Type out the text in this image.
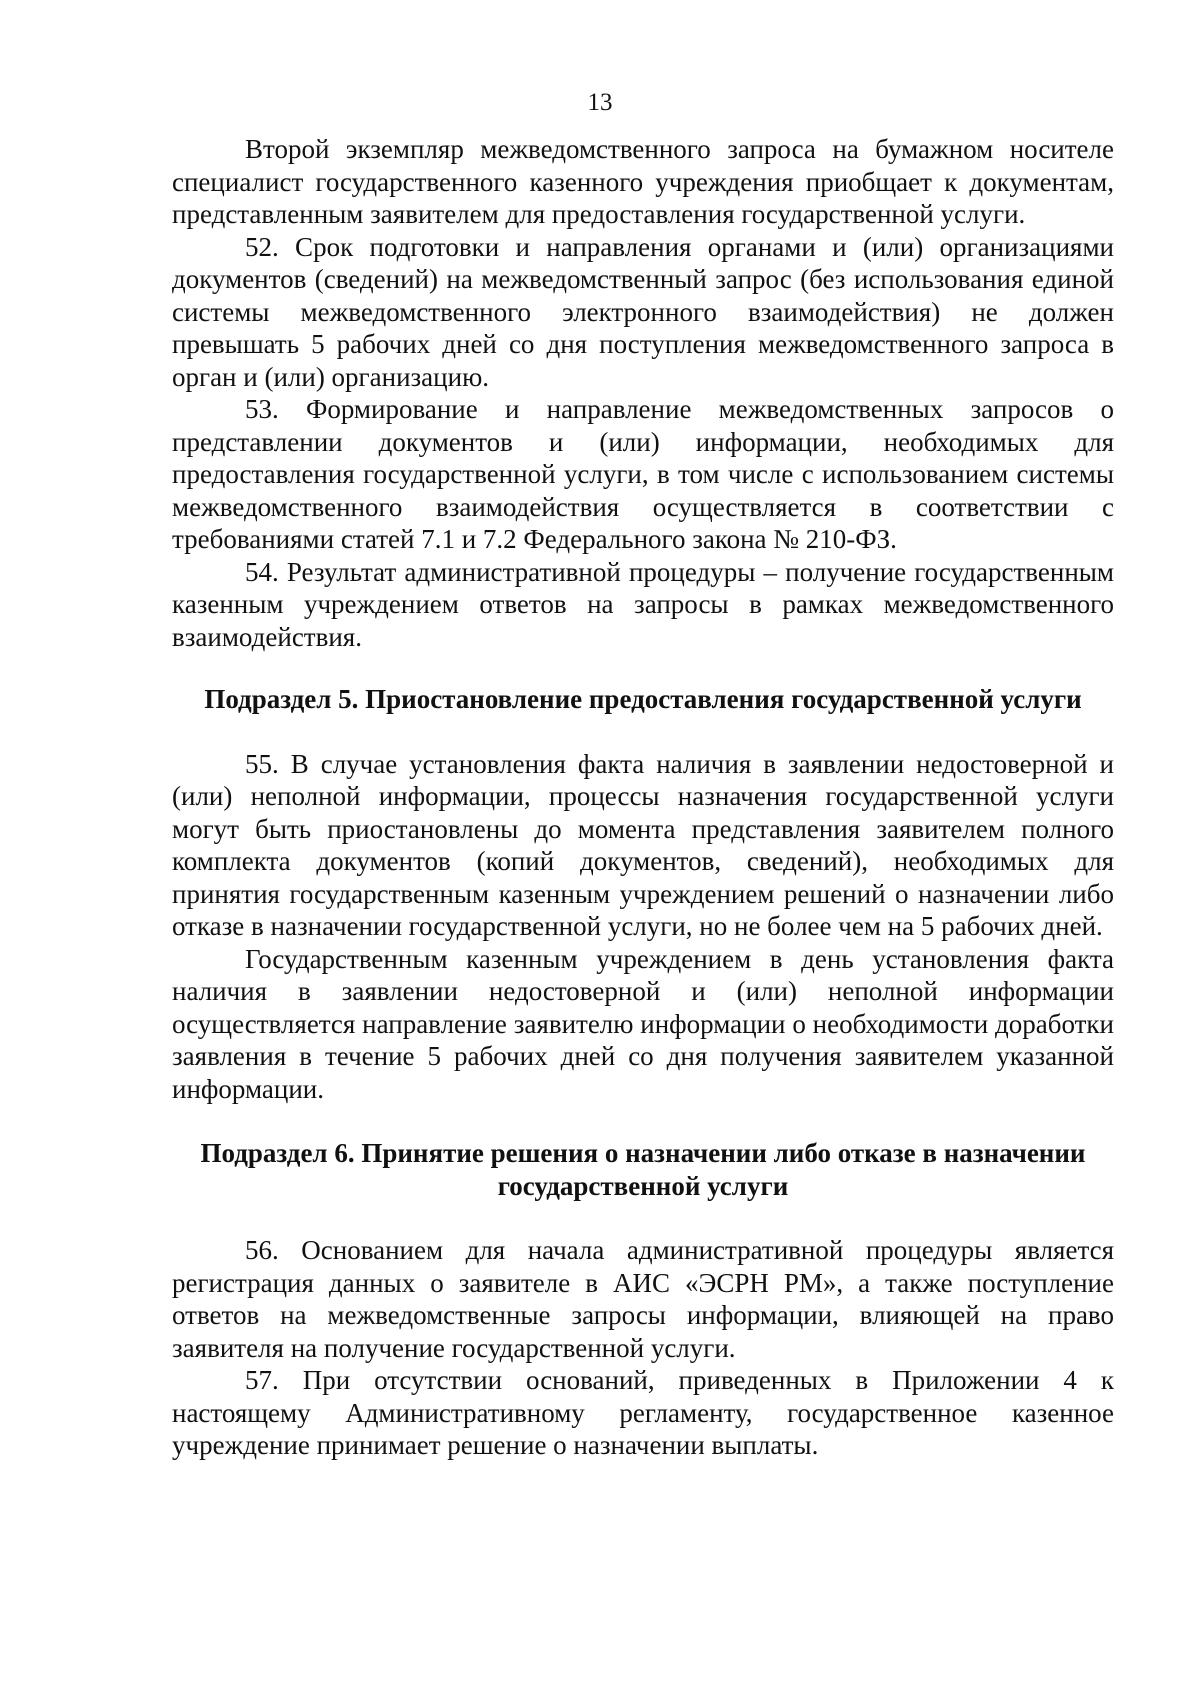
13

Второй экземпляр межведомственного запроса на бумажном носителе специалист государственного казенного учреждения приобщает к документам, представленным заявителем для предоставления государственной услуги.

52. Срок подготовки и направления органами и (или) организациями документов (сведений) на межведомственный запрос (без использования единой системы межведомственного электронного взаимодействия) не должен превышать 5 рабочих дней со дня поступления межведомственного запроса в орган и (или) организацию.

53. Формирование и направление межведомственных запросов о представлении документов и (или) информации, необходимых для предоставления государственной услуги, в том числе с использованием системы межведомственного взаимодействия осуществляется в соответствии с требованиями статей 7.1 и 7.2 Федерального закона № 210-ФЗ.

54. Результат административной процедуры – получение государственным казенным учреждением ответов на запросы в рамках межведомственного взаимодействия.

Подраздел 5. Приостановление предоставления государственной услуги

55. В случае установления факта наличия в заявлении недостоверной и (или) неполной информации, процессы назначения государственной услуги могут быть приостановлены до момента представления заявителем полного комплекта документов (копий документов, сведений), необходимых для принятия государственным казенным учреждением решений о назначении либо отказе в назначении государственной услуги, но не более чем на 5 рабочих дней.

Государственным казенным учреждением в день установления факта наличия в заявлении недостоверной и (или) неполной информации осуществляется направление заявителю информации о необходимости доработки заявления в течение 5 рабочих дней со дня получения заявителем указанной информации.

Подраздел 6. Принятие решения о назначении либо отказе в назначении
государственной услуги

56. Основанием для начала административной процедуры является регистрация данных о заявителе в АИС «ЭСРН РМ», а также поступление ответов на межведомственные запросы информации, влияющей на право заявителя на получение государственной услуги.

57. При отсутствии оснований, приведенных в Приложении 4 к настоящему Административному регламенту, государственное казенное учреждение принимает решение о назначении выплаты.
